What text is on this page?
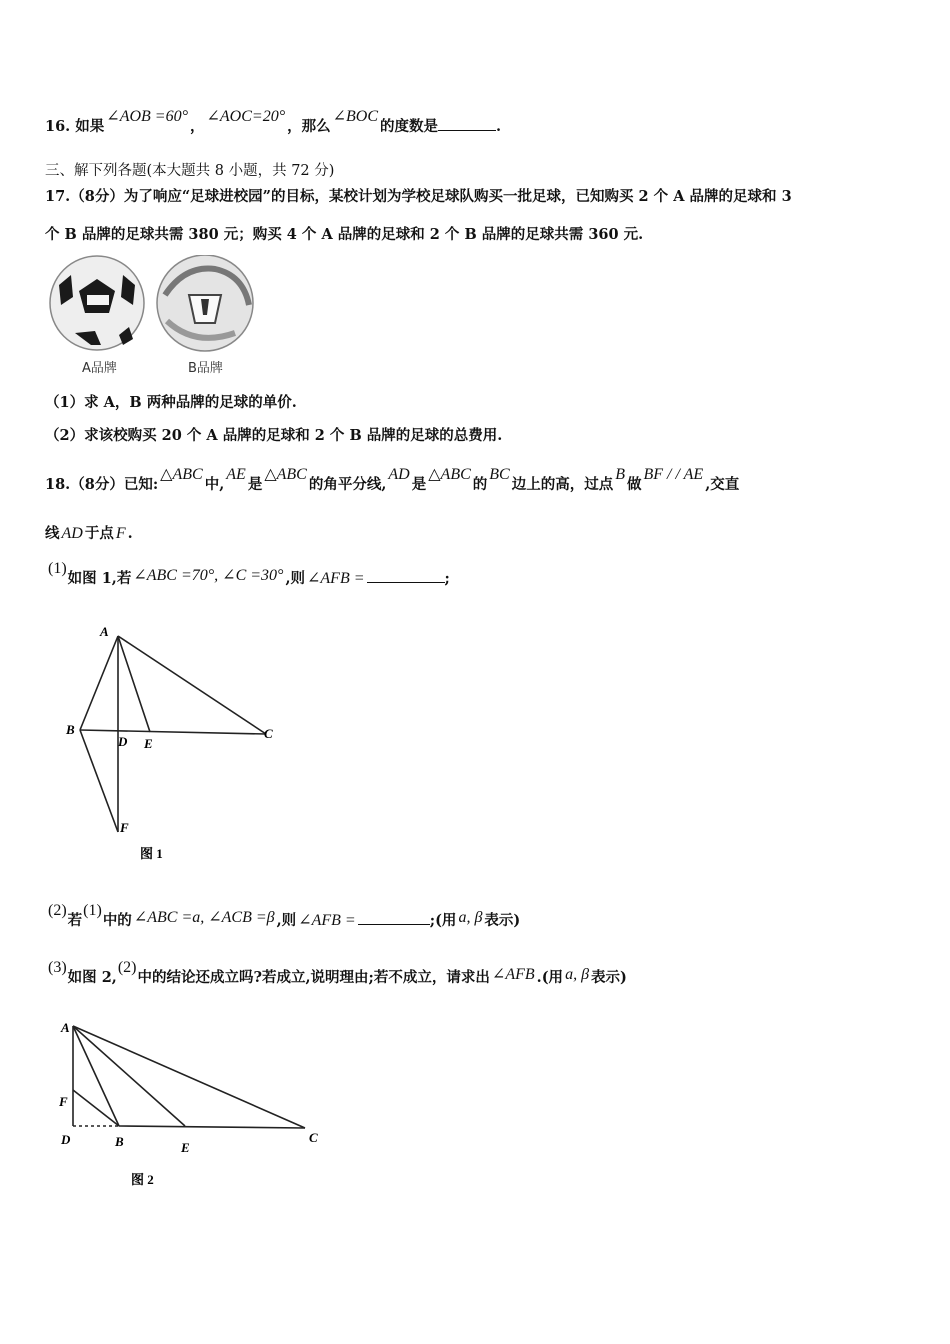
16. 如果∠AOB =60°，∠AOC=20°，那么∠BOC的度数是	.
三、解下列各题(本大题共 8 小题，共 72 分)
17.（8分）为了响应“足球进校园”的目标，某校计划为学校足球队购买一批足球，已知购买 2 个 A 品牌的足球和 3
个 B 品牌的足球共需 380 元；购买 4 个 A 品牌的足球和 2 个 B 品牌的足球共需 360 元.
A品牌	B品牌
（1）求 A，B 两种品牌的足球的单价.
（2）求该校购买 20 个 A 品牌的足球和 2 个 B 品牌的足球的总费用.
18.（8分）已知:△ABC中,AE是△ABC的角平分线,AD是△ABC的BC边上的高，过点B做BF / / AE,交直
线 AD 于点 F .
(1)如图 1,若 ∠ABC =70°, ∠C =30° ,则 ∠AFB =	;
A
B	C
D E
F
图 1
(2)若(1)中的 ∠ABC =a, ∠ACB =β ,则 ∠AFB =	;(用 a, β 表示)
(3)如图 2,(2)中的结论还成立吗?若成立,说明理由;若不成立，请求出 ∠AFB .(用 a, β 表示)
A
F
D	B	E
C
图 2
